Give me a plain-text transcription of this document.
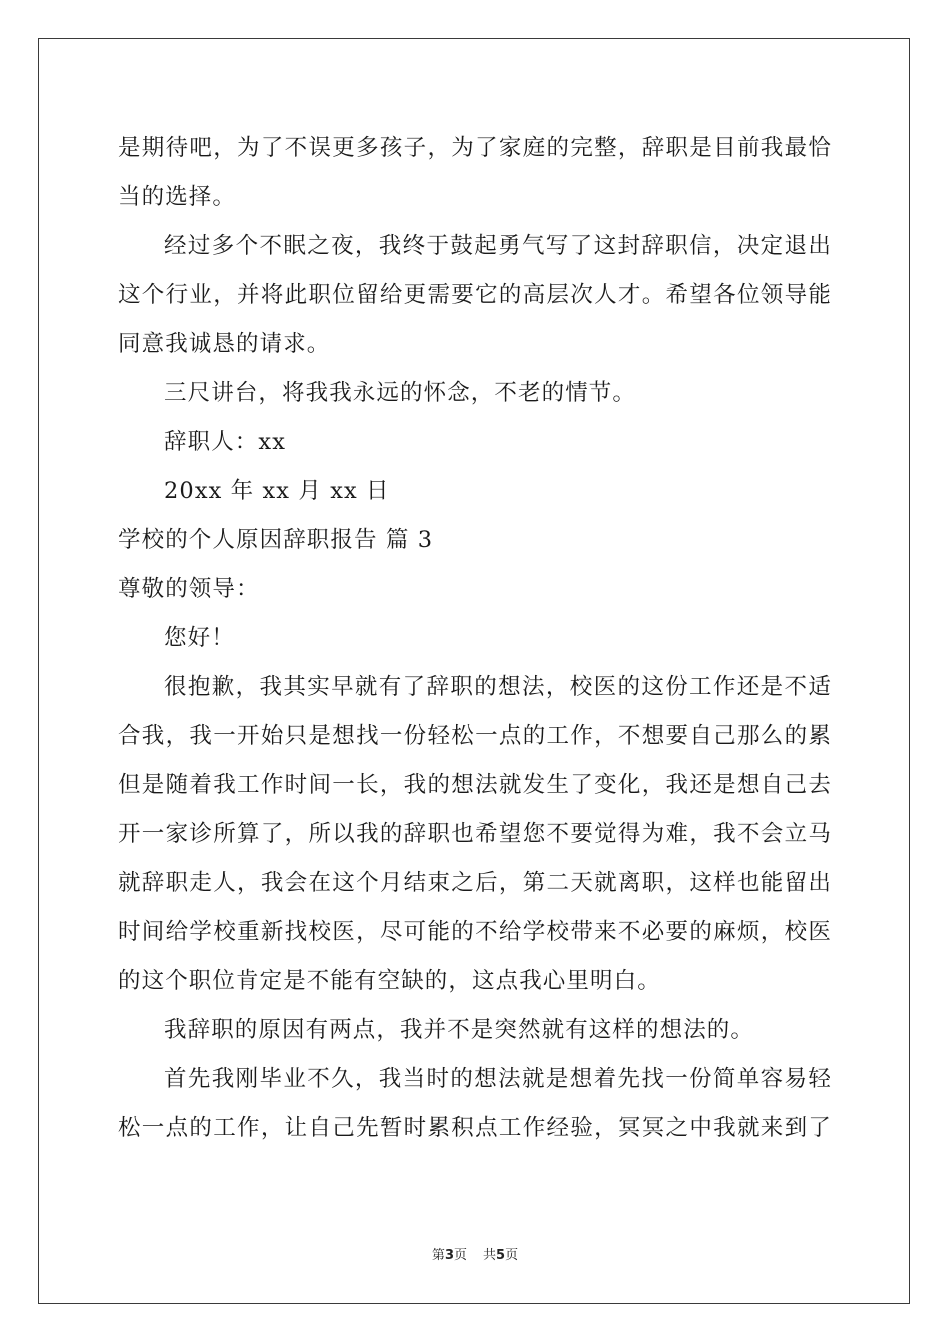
是期待吧，为了不误更多孩子，为了家庭的完整，辞职是目前我最恰
当的选择。
经过多个不眠之夜，我终于鼓起勇气写了这封辞职信，决定退出
这个行业，并将此职位留给更需要它的高层次人才。希望各位领导能
同意我诚恳的请求。
三尺讲台，将我我永远的怀念，不老的情节。
辞职人：xx
20xx 年 xx 月 xx 日
学校的个人原因辞职报告 篇 3
尊敬的领导：
您好！
很抱歉，我其实早就有了辞职的想法，校医的这份工作还是不适
合我，我一开始只是想找一份轻松一点的工作，不想要自己那么的累
但是随着我工作时间一长，我的想法就发生了变化，我还是想自己去
开一家诊所算了，所以我的辞职也希望您不要觉得为难，我不会立马
就辞职走人，我会在这个月结束之后，第二天就离职，这样也能留出
时间给学校重新找校医，尽可能的不给学校带来不必要的麻烦，校医
的这个职位肯定是不能有空缺的，这点我心里明白。
我辞职的原因有两点，我并不是突然就有这样的想法的。
首先我刚毕业不久，我当时的想法就是想着先找一份简单容易轻
松一点的工作，让自己先暂时累积点工作经验，冥冥之中我就来到了
第3页 共5页
